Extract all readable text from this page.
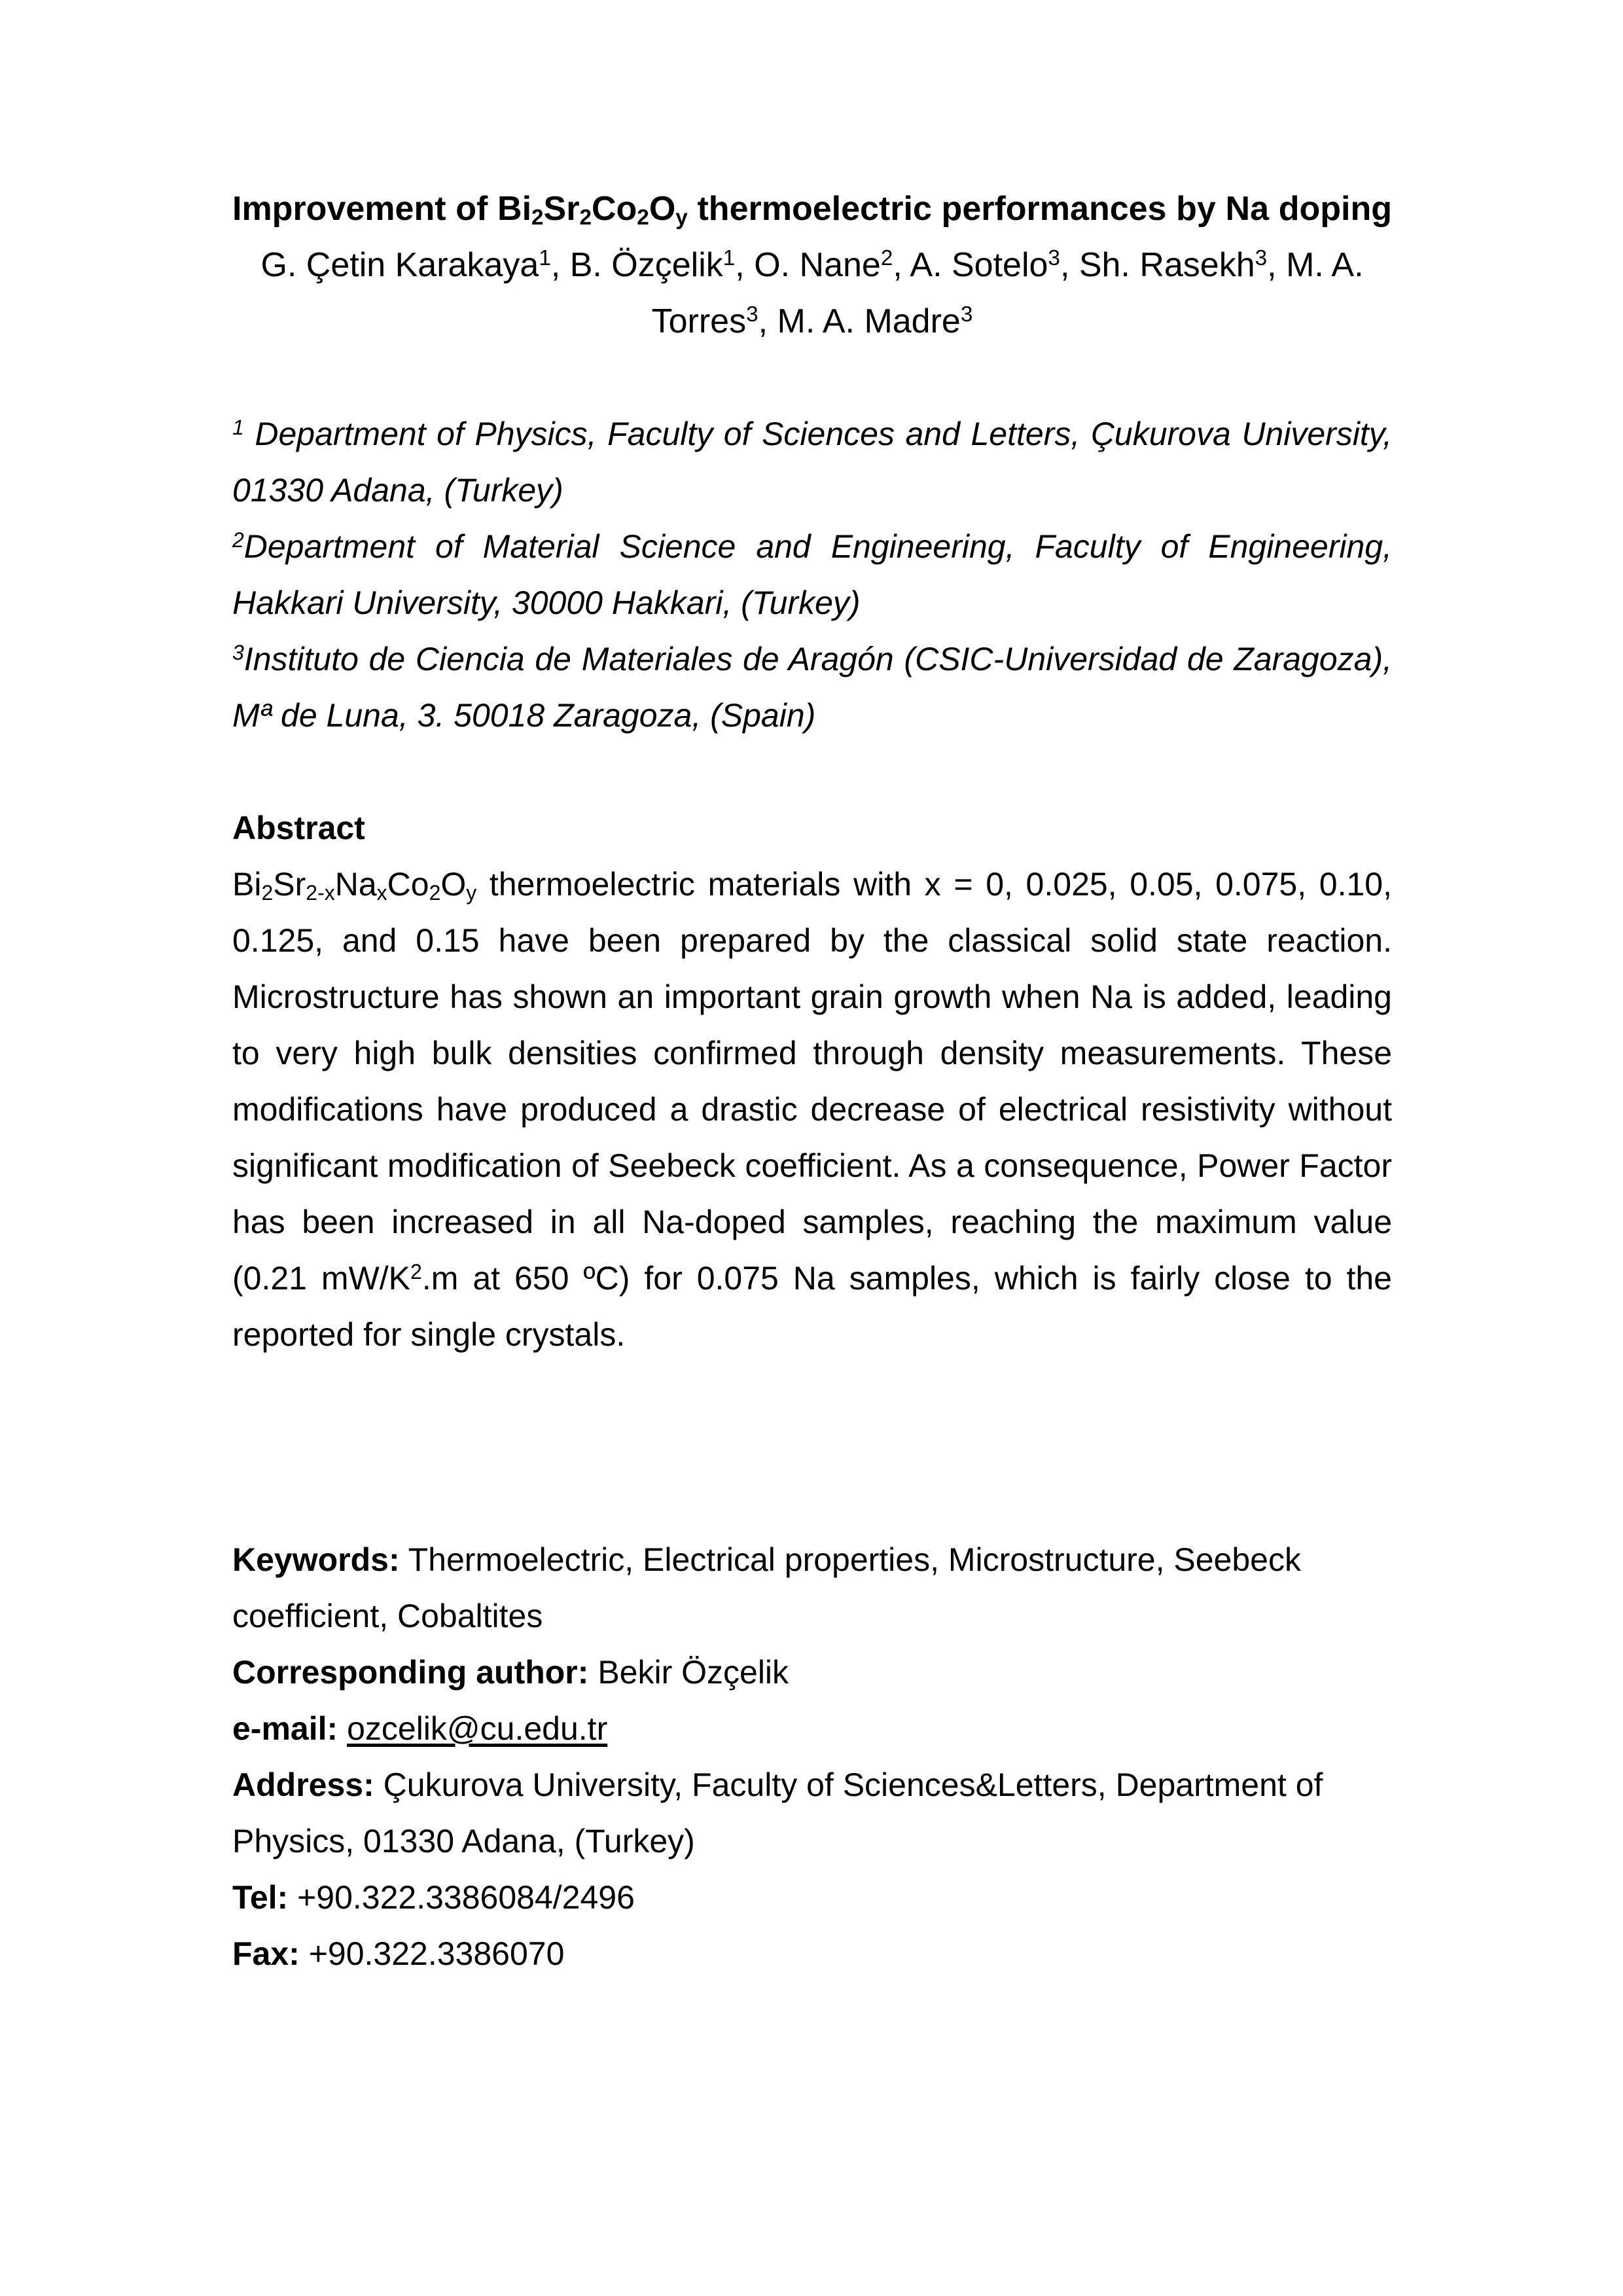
Improvement of $Bi_2Sr_2Co_2O_y$ thermoelectric performances by Na doping
G. Çetin Karakaya$^1$, B. Özçelik$^1$, O. Nane$^2$, A. Sotelo$^3$, Sh. Rasekh$^3$, M. A.
Torres$^3$, M. A. Madre$^3$
$^1$ Department of Physics, Faculty of Sciences and Letters, Çukurova University,
01330 Adana, (Turkey)
$^2$Department of Material Science and Engineering, Faculty of Engineering,
Hakkari University, 30000 Hakkari, (Turkey)
$^3$Instituto de Ciencia de Materiales de Aragón (CSIC-Universidad de Zaragoza),
Mª de Luna, 3. 50018 Zaragoza, (Spain)
Abstract
$Bi_2Sr_{2-x}Na_xCo_2O_y$ thermoelectric materials with x = 0, 0.025, 0.05, 0.075, 0.10,
0.125, and 0.15 have been prepared by the classical solid state reaction.
Microstructure has shown an important grain growth when Na is added, leading
to very high bulk densities confirmed through density measurements. These
modifications have produced a drastic decrease of electrical resistivity without
significant modification of Seebeck coefficient. As a consequence, Power Factor
has been increased in all Na-doped samples, reaching the maximum value
(0.21 $mW/K^2.m$ at 650 ºC) for 0.075 Na samples, which is fairly close to the
reported for single crystals.
Keywords: Thermoelectric, Electrical properties, Microstructure, Seebeck
coefficient, Cobaltites
Corresponding author: Bekir Özçelik
e-mail: ozcelik@cu.edu.tr
Address: Çukurova University, Faculty of Sciences&Letters, Department of
Physics, 01330 Adana, (Turkey)
Tel: +90.322.3386084/2496
Fax: +90.322.3386070
